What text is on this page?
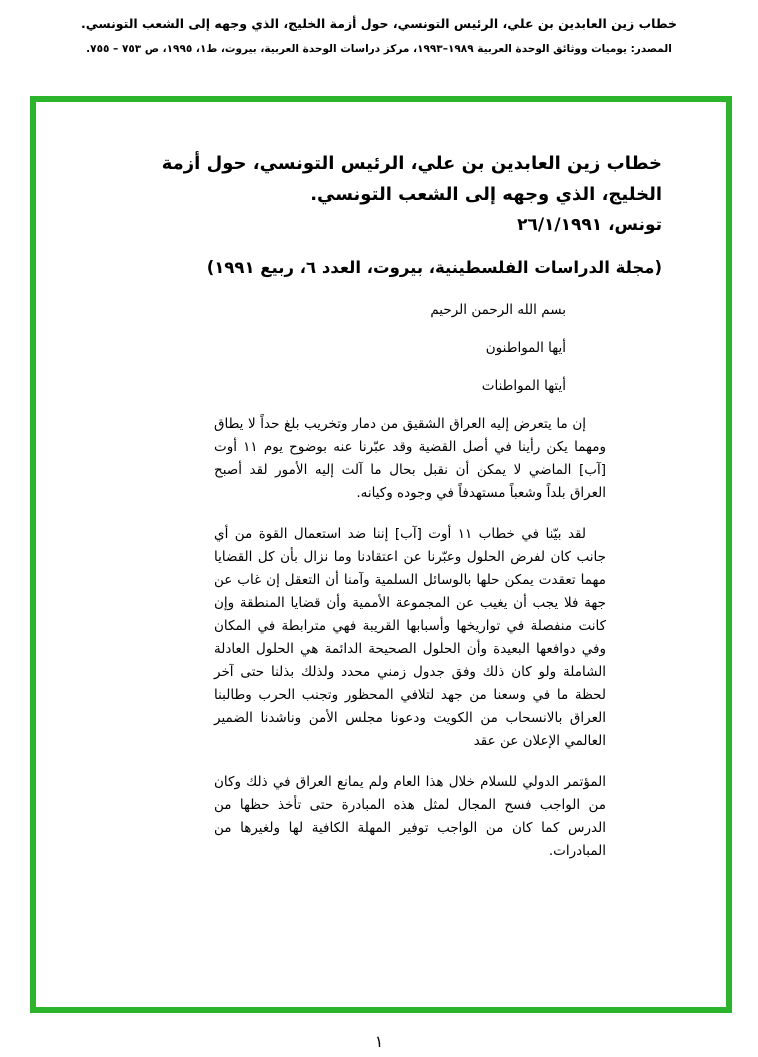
خطاب زين العابدين بن علي، الرئيس التونسي، حول أزمة الخليج، الذي وجهه إلى الشعب التونسي.
المصدر: يوميات ووثائق الوحدة العربية ١٩٨٩–١٩٩٣، مركز دراسات الوحدة العربية، بيروت، ط١، ١٩٩٥، ص ٧٥٣ – ٧٥٥.
خطاب زين العابدين بن علي، الرئيس التونسي، حول أزمة الخليج، الذي وجهه إلى الشعب التونسي.
تونس، ٢٦/١/١٩٩١
(مجلة الدراسات الفلسطينية، بيروت، العدد ٦، ربيع ١٩٩١)

بسم الله الرحمن الرحيم

أيها المواطنون

أيتها المواطنات

إن ما يتعرض إليه العراق الشقيق من دمار وتخريب بلغ حداً لا يطاق ومهما يكن رأينا في أصل القضية وقد عبّرنا عنه بوضوح يوم ١١ أوت [آب] الماضي لا يمكن أن نقبل بحال ما آلت إليه الأمور لقد أصبح العراق بلداً وشعباً مستهدفاً في وجوده وكيانه.

لقد بيّنا في خطاب ١١ أوت [آب] إننا ضد استعمال القوة من أي جانب كان لفرض الحلول وعبّرنا عن اعتقادنا وما نزال بأن كل القضايا مهما تعقدت يمكن حلها بالوسائل السلمية وآمنا أن التعقل إن غاب عن جهة فلا يجب أن يغيب عن المجموعة الأممية وأن قضايا المنطقة وإن كانت منفصلة في تواريخها وأسبابها القريبة فهي مترابطة في المكان وفي دوافعها البعيدة وأن الحلول الصحيحة الدائمة هي الحلول العادلة الشاملة ولو كان ذلك وفق جدول زمني محدد ولذلك بذلنا حتى آخر لحظة ما في وسعنا من جهد لتلافي المحظور وتجنب الحرب وطالبنا العراق بالانسحاب من الكويت ودعونا مجلس الأمن وناشدنا الضمير العالمي الإعلان عن عقد

المؤتمر الدولي للسلام خلال هذا العام ولم يمانع العراق في ذلك وكان من الواجب فسح المجال لمثل هذه المبادرة حتى تأخذ حظها من الدرس كما كان من الواجب توفير المهلة الكافية لها ولغيرها من المبادرات.

١
